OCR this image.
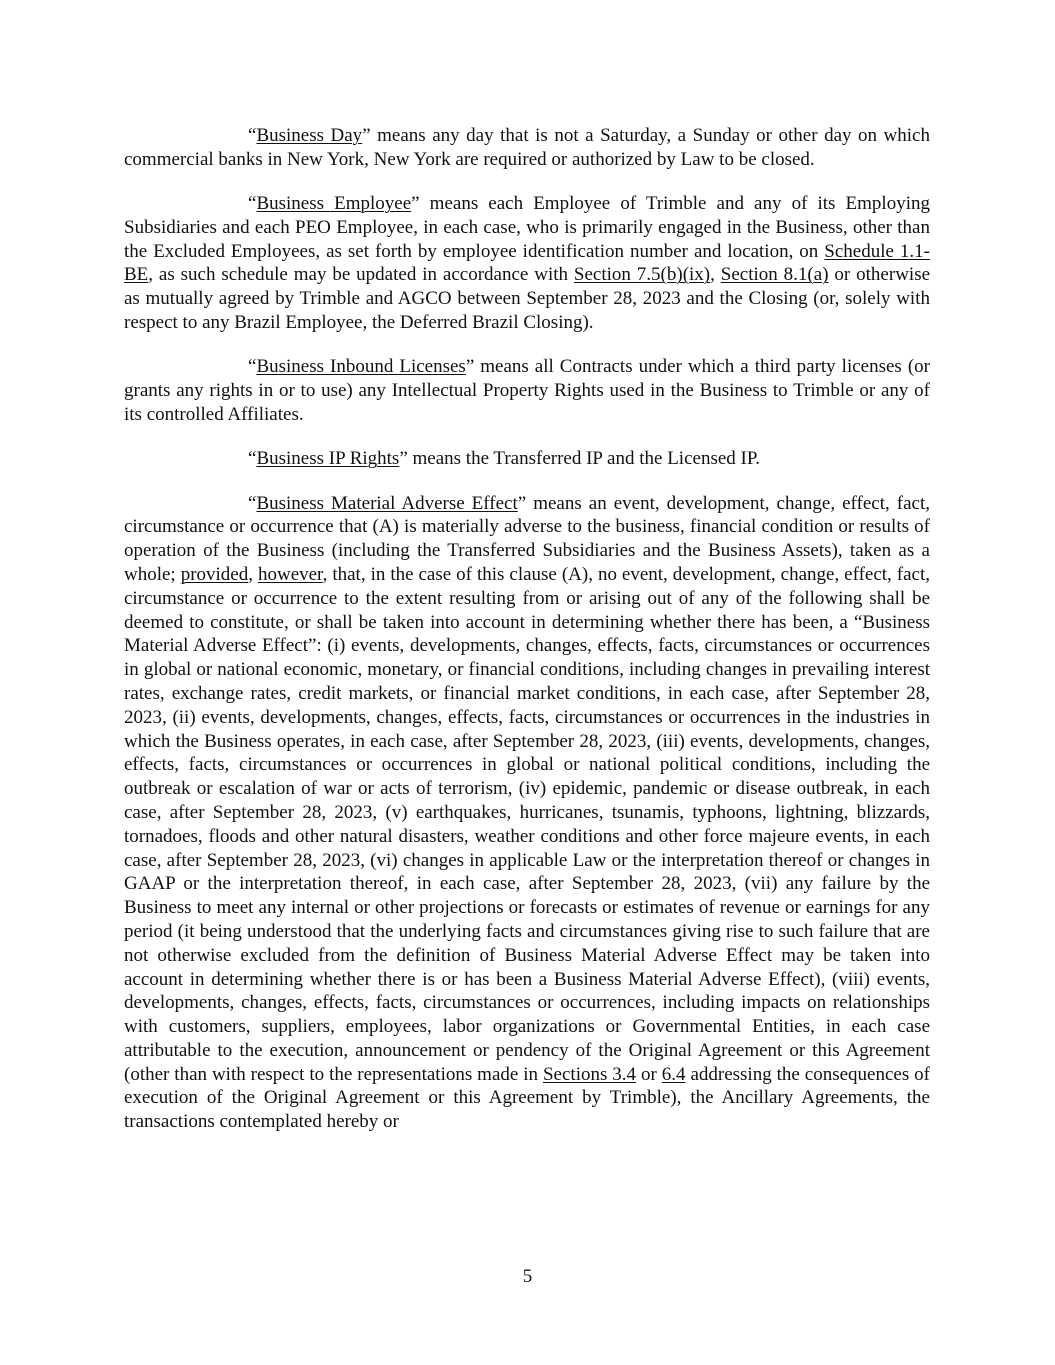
“Business Day” means any day that is not a Saturday, a Sunday or other day on which commercial banks in New York, New York are required or authorized by Law to be closed.

“Business Employee” means each Employee of Trimble and any of its Employing Subsidiaries and each PEO Employee, in each case, who is primarily engaged in the Business, other than the Excluded Employees, as set forth by employee identification number and location, on Schedule 1.1-BE, as such schedule may be updated in accordance with Section 7.5(b)(ix), Section 8.1(a) or otherwise as mutually agreed by Trimble and AGCO between September 28, 2023 and the Closing (or, solely with respect to any Brazil Employee, the Deferred Brazil Closing).

“Business Inbound Licenses” means all Contracts under which a third party licenses (or grants any rights in or to use) any Intellectual Property Rights used in the Business to Trimble or any of its controlled Affiliates.

“Business IP Rights” means the Transferred IP and the Licensed IP.

“Business Material Adverse Effect” means an event, development, change, effect, fact, circumstance or occurrence that (A) is materially adverse to the business, financial condition or results of operation of the Business (including the Transferred Subsidiaries and the Business Assets), taken as a whole; provided, however, that, in the case of this clause (A), no event, development, change, effect, fact, circumstance or occurrence to the extent resulting from or arising out of any of the following shall be deemed to constitute, or shall be taken into account in determining whether there has been, a “Business Material Adverse Effect”: (i) events, developments, changes, effects, facts, circumstances or occurrences in global or national economic, monetary, or financial conditions, including changes in prevailing interest rates, exchange rates, credit markets, or financial market conditions, in each case, after September 28, 2023, (ii) events, developments, changes, effects, facts, circumstances or occurrences in the industries in which the Business operates, in each case, after September 28, 2023, (iii) events, developments, changes, effects, facts, circumstances or occurrences in global or national political conditions, including the outbreak or escalation of war or acts of terrorism, (iv) epidemic, pandemic or disease outbreak, in each case, after September 28, 2023, (v) earthquakes, hurricanes, tsunamis, typhoons, lightning, blizzards, tornadoes, floods and other natural disasters, weather conditions and other force majeure events, in each case, after September 28, 2023, (vi) changes in applicable Law or the interpretation thereof or changes in GAAP or the interpretation thereof, in each case, after September 28, 2023, (vii) any failure by the Business to meet any internal or other projections or forecasts or estimates of revenue or earnings for any period (it being understood that the underlying facts and circumstances giving rise to such failure that are not otherwise excluded from the definition of Business Material Adverse Effect may be taken into account in determining whether there is or has been a Business Material Adverse Effect), (viii) events, developments, changes, effects, facts, circumstances or occurrences, including impacts on relationships with customers, suppliers, employees, labor organizations or Governmental Entities, in each case attributable to the execution, announcement or pendency of the Original Agreement or this Agreement (other than with respect to the representations made in Sections 3.4 or 6.4 addressing the consequences of execution of the Original Agreement or this Agreement by Trimble), the Ancillary Agreements, the transactions contemplated hereby or

5
